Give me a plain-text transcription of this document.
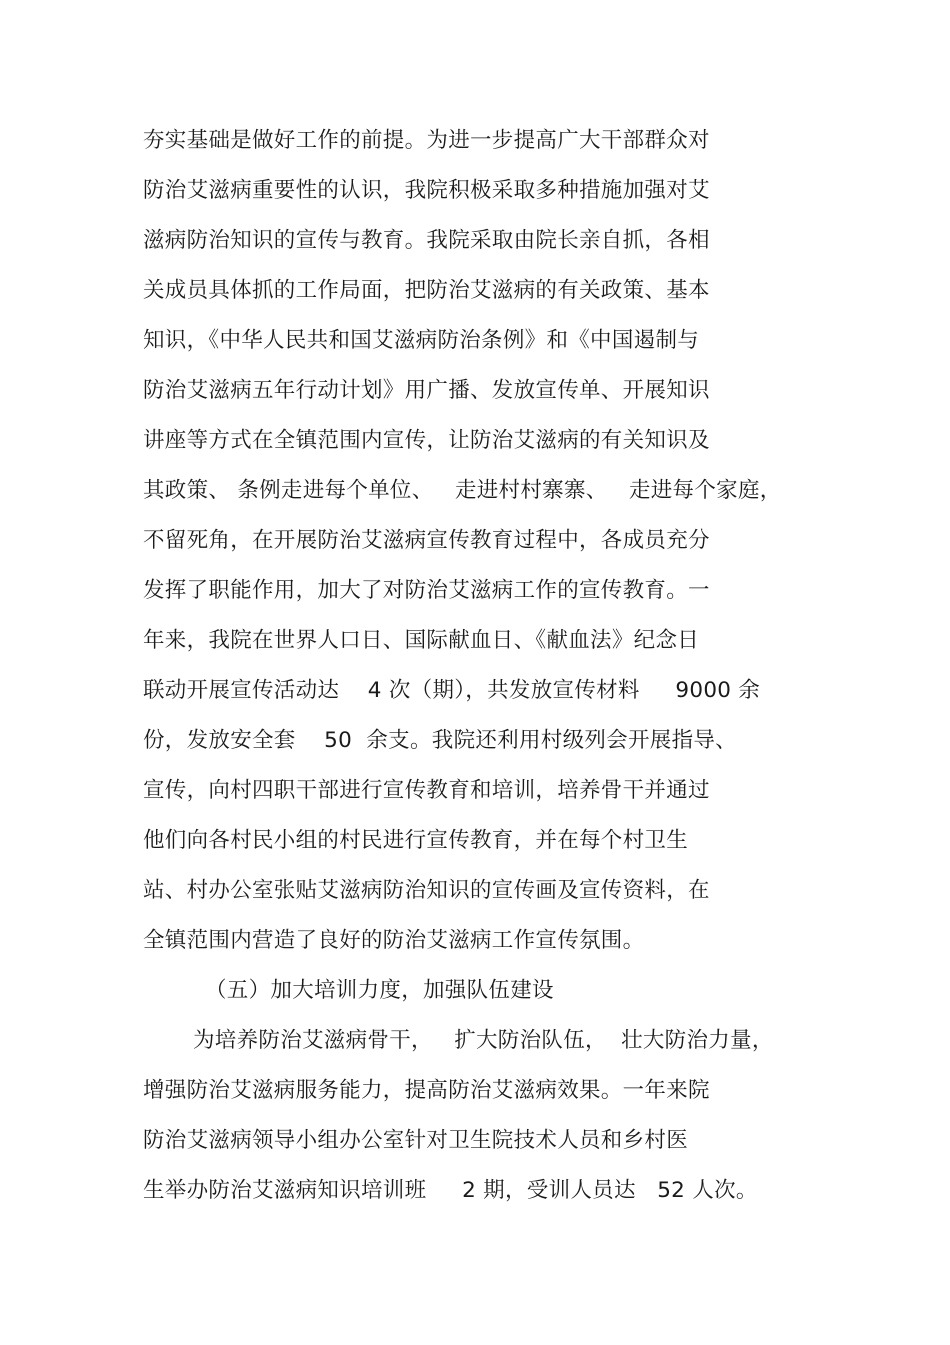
夯实基础是做好工作的前提。为进一步提高广大干部群众对
防治艾滋病重要性的认识，我院积极采取多种措施加强对艾
滋病防治知识的宣传与教育。我院采取由院长亲自抓，各相
关成员具体抓的工作局面，把防治艾滋病的有关政策、基本
知识，《中华人民共和国艾滋病防治条例》和《中国遏制与
防治艾滋病五年行动计划》用广播、发放宣传单、开展知识
讲座等方式在全镇范围内宣传，让防治艾滋病的有关知识及
其政策、 条例走进每个单位、   走进村村寨寨、   走进每个家庭，
不留死角，在开展防治艾滋病宣传教育过程中，各成员充分
发挥了职能作用，加大了对防治艾滋病工作的宣传教育。一
年来，我院在世界人口日、国际献血日、《献血法》纪念日
联动开展宣传活动达    4 次（期），共发放宣传材料     9000 余
份，发放安全套    50  余支。我院还利用村级列会开展指导、
宣传，向村四职干部进行宣传教育和培训，培养骨干并通过
他们向各村民小组的村民进行宣传教育，并在每个村卫生
站、村办公室张贴艾滋病防治知识的宣传画及宣传资料，在
全镇范围内营造了良好的防治艾滋病工作宣传氛围。
（五）加大培训力度，加强队伍建设
为培养防治艾滋病骨干，   扩大防治队伍，  壮大防治力量，
增强防治艾滋病服务能力，提高防治艾滋病效果。一年来院
防治艾滋病领导小组办公室针对卫生院技术人员和乡村医
生举办防治艾滋病知识培训班     2 期，受训人员达   52 人次。
